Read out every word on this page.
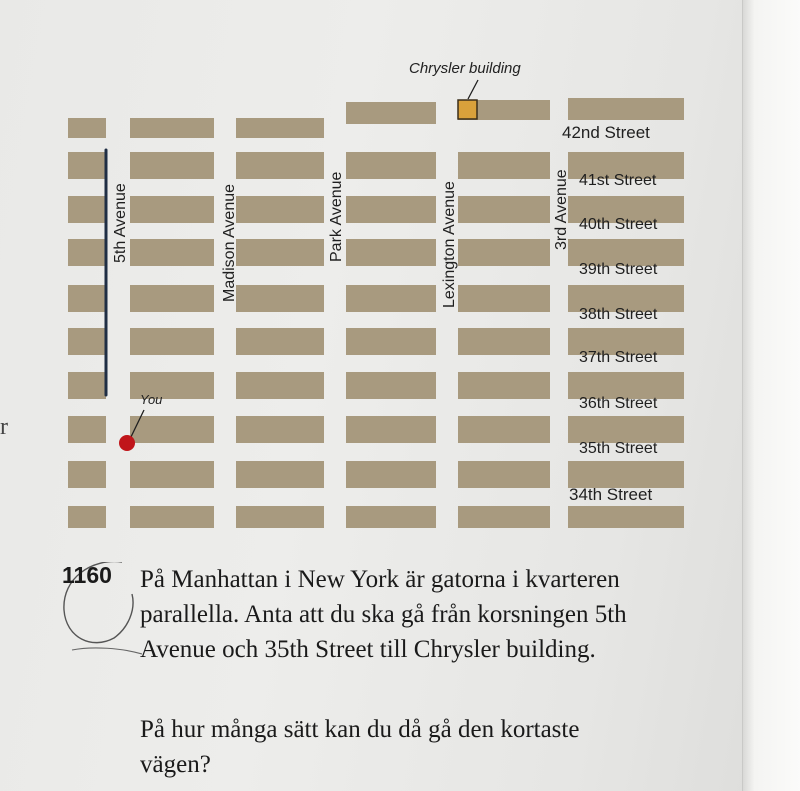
r
5th Avenue	Madison Avenue	Park Avenue	Lexington Avenue	3rd Avenue
42nd Street
41st Street
40th Street
39th Street
38th Street
37th Street
36th Street
35th Street
34th Street
Chrysler building
You
1160 På Manhattan i New York är gatorna i kvarteren parallella. Anta att du ska gå från korsningen 5th Avenue och 35th Street till Chrysler building.
På hur många sätt kan du då gå den kortaste vägen?
